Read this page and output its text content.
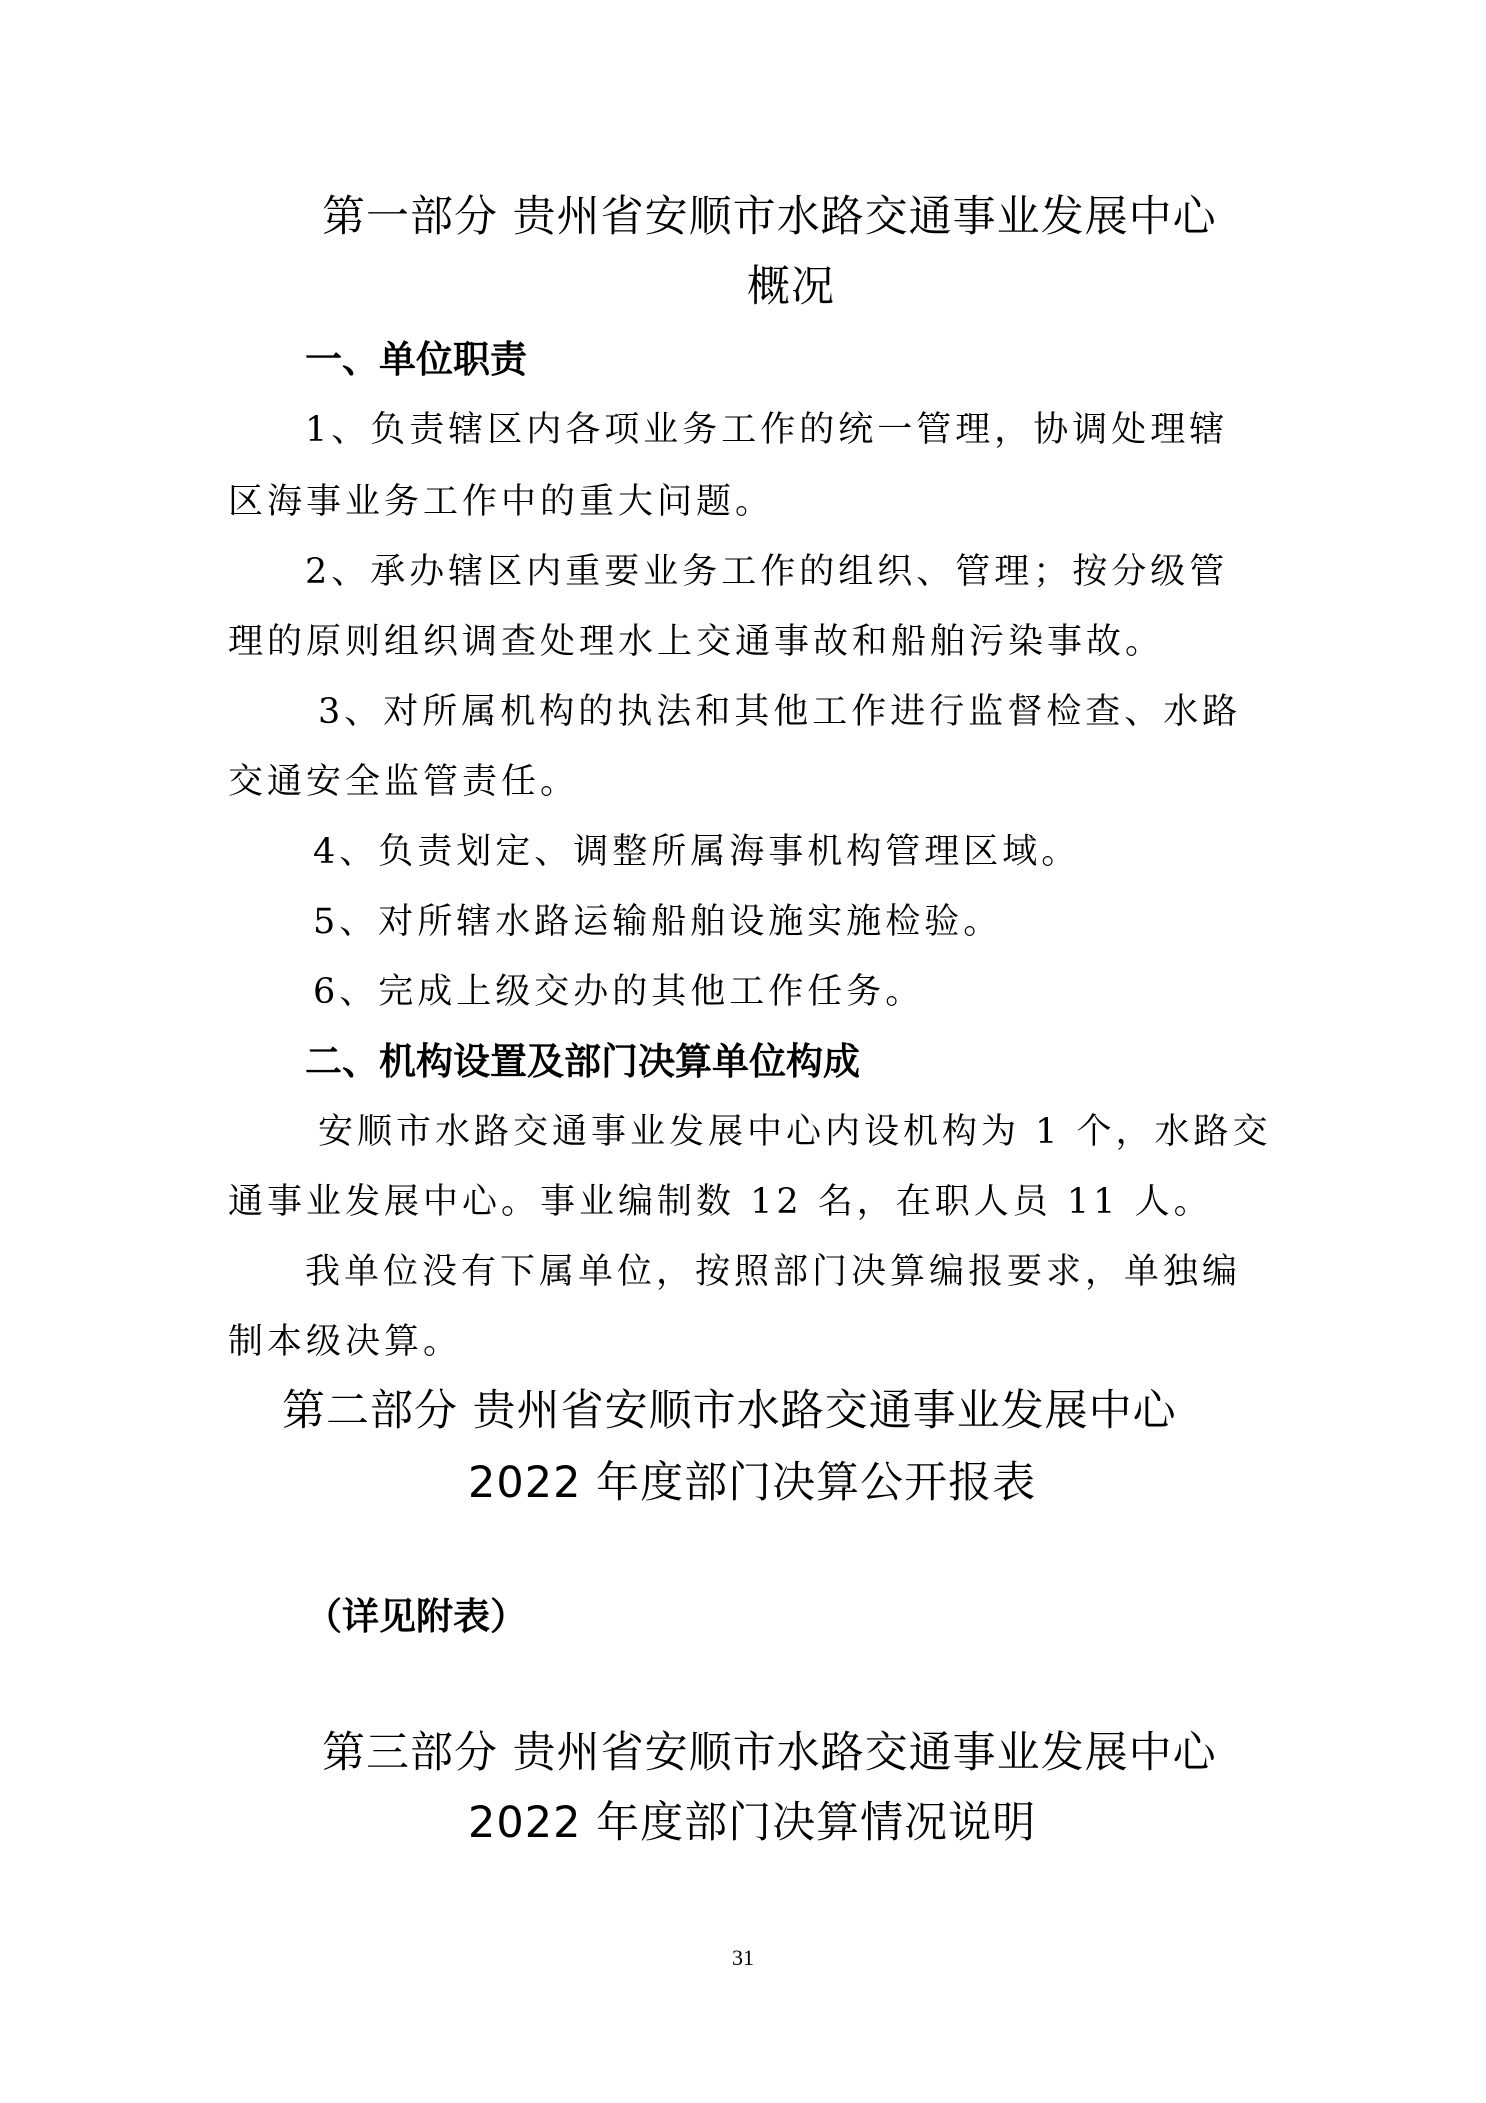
第一部分 贵州省安顺市水路交通事业发展中心
概况
一、单位职责
1、负责辖区内各项业务工作的统一管理，协调处理辖
区海事业务工作中的重大问题。
2、承办辖区内重要业务工作的组织、管理；按分级管
理的原则组织调查处理水上交通事故和船舶污染事故。
3、对所属机构的执法和其他工作进行监督检查、水路
交通安全监管责任。
4、负责划定、调整所属海事机构管理区域。
5、对所辖水路运输船舶设施实施检验。
6、完成上级交办的其他工作任务。
二、机构设置及部门决算单位构成
安顺市水路交通事业发展中心内设机构为 1 个，水路交
通事业发展中心。事业编制数 12 名，在职人员 11 人。
我单位没有下属单位，按照部门决算编报要求，单独编
制本级决算。
第二部分 贵州省安顺市水路交通事业发展中心
2022 年度部门决算公开报表
（详见附表）
第三部分 贵州省安顺市水路交通事业发展中心
2022 年度部门决算情况说明
31
